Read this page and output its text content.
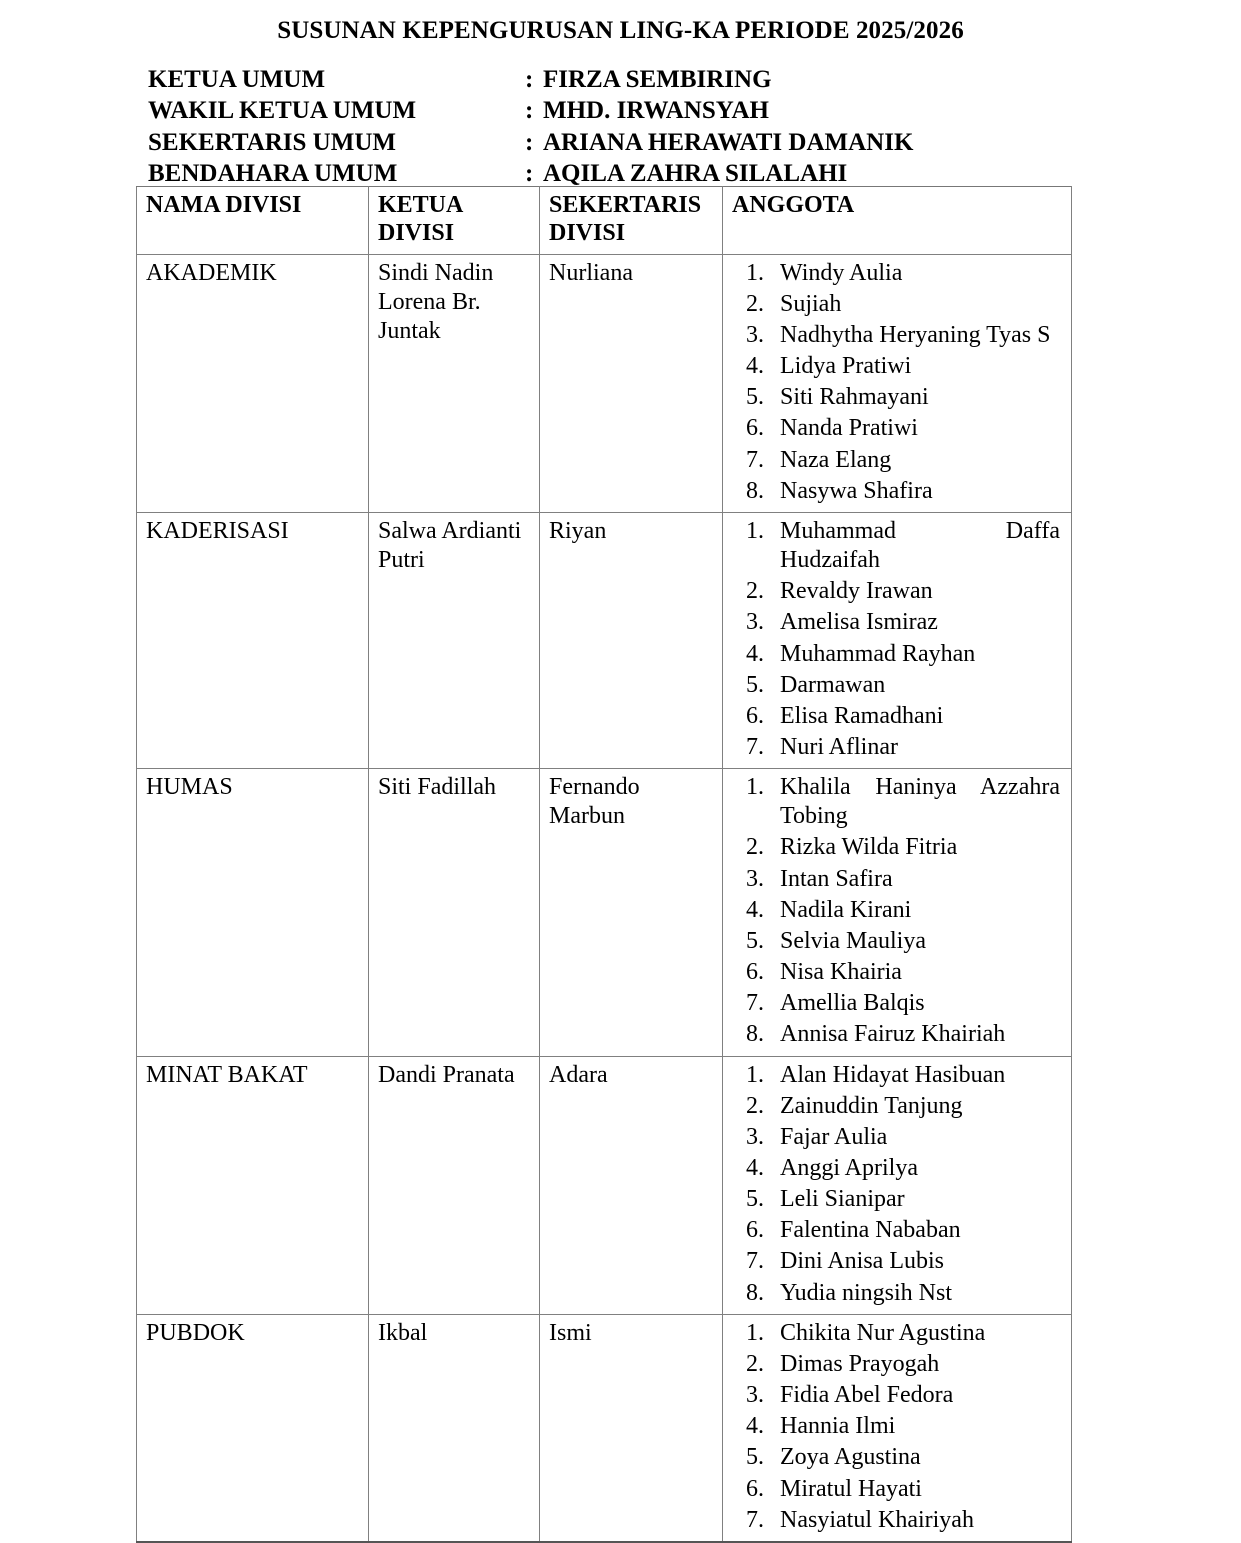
SUSUNAN KEPENGURUSAN LING-KA PERIODE 2025/2026
KETUA UMUM	: FIRZA SEMBIRING
WAKIL KETUA UMUM	: MHD. IRWANSYAH
SEKERTARIS UMUM	: ARIANA HERAWATI DAMANIK
BENDAHARA UMUM	: AQILA ZAHRA SILALAHI
NAMA DIVISI	KETUA DIVISI	SEKERTARIS DIVISI	ANGGOTA
AKADEMIK	Sindi Nadin Lorena Br. Juntak	Nurliana	Windy Aulia
Sujiah
Nadhytha Heryaning Tyas S
Lidya Pratiwi
Siti Rahmayani
Nanda Pratiwi
Naza Elang
Nasywa Shafira

KADERISASI	Salwa Ardianti Putri	Riyan	Muhammad Daffa Hudzaifah
Revaldy Irawan
Amelisa Ismiraz
Muhammad Rayhan
Darmawan
Elisa Ramadhani
Nuri Aflinar

HUMAS	Siti Fadillah	Fernando Marbun	
Khalila Haninya Azzahra Tobing
Rizka Wilda Fitria
Intan Safira
Nadila Kirani
Selvia Mauliya
Nisa Khairia
Amellia Balqis
Annisa Fairuz Khairiah

MINAT BAKAT	Dandi Pranata	Adara	Alan Hidayat Hasibuan
Zainuddin Tanjung
Fajar Aulia
Anggi Aprilya
Leli Sianipar
Falentina Nababan
Dini Anisa Lubis
Yudia ningsih Nst

PUBDOK	Ikbal	Ismi	Chikita Nur Agustina
Dimas Prayogah
Fidia Abel Fedora
Hannia Ilmi
Zoya Agustina
Miratul Hayati
Nasyiatul Khairiyah
